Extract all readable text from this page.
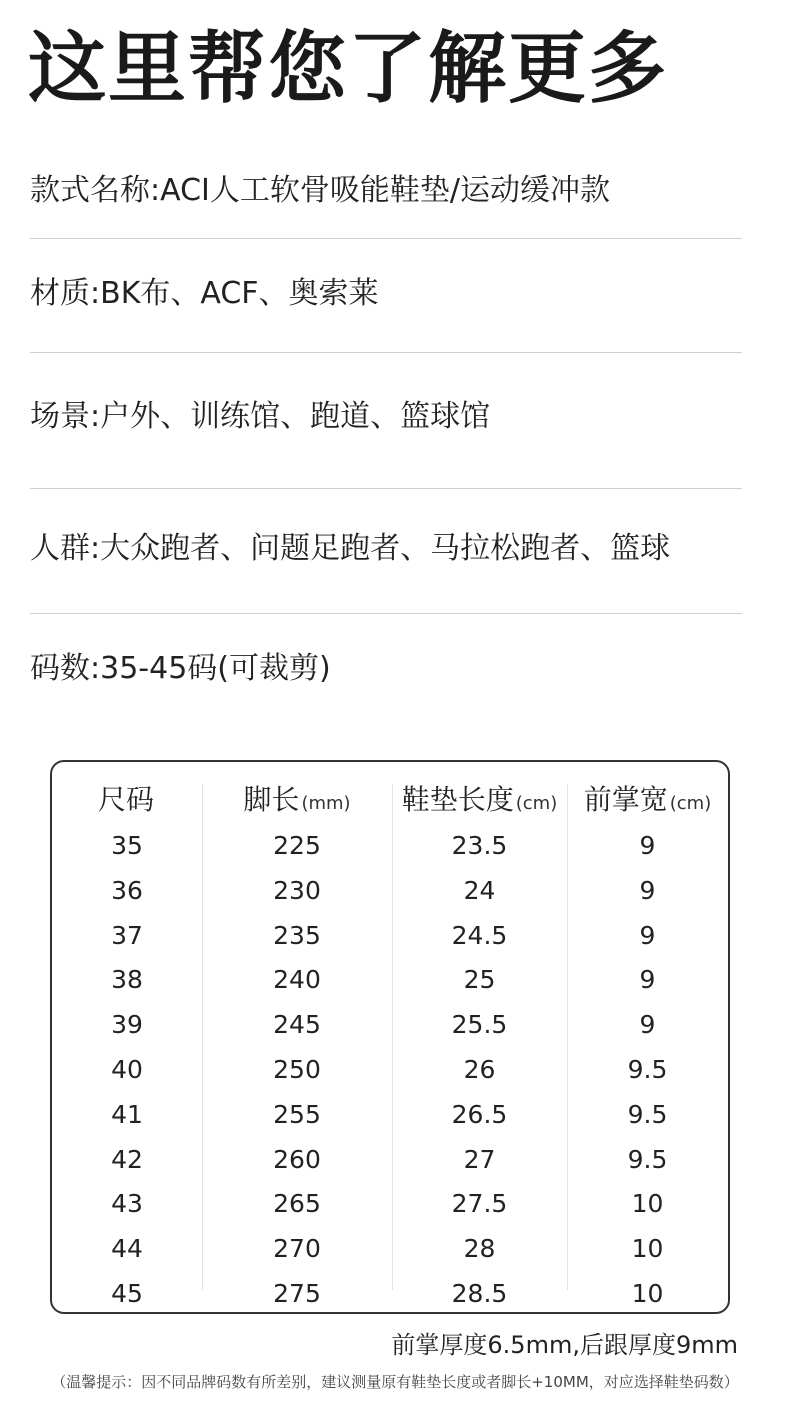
这里帮您了解更多
款式名称:ACI人工软骨吸能鞋垫/运动缓冲款
材质:BK布、ACF、奥索莱
场景:户外、训练馆、跑道、篮球馆
人群:大众跑者、问题足跑者、马拉松跑者、篮球
码数:35-45码(可裁剪)
尺码
35
36
37
38
39
40
41
42
43
44
45
脚长 (mm)
225
230
235
240
245
250
255
260
265
270
275
鞋垫长度 (cm)
23.5
24
24.5
25
25.5
26
26.5
27
27.5
28
28.5
前掌宽 (cm)
9
9
9
9
9
9.5
9.5
9.5
10
10
10
前掌厚度6.5mm,后跟厚度9mm
（温馨提示：因不同品牌码数有所差别，建议测量原有鞋垫长度或者脚长+10MM，对应选择鞋垫码数）
